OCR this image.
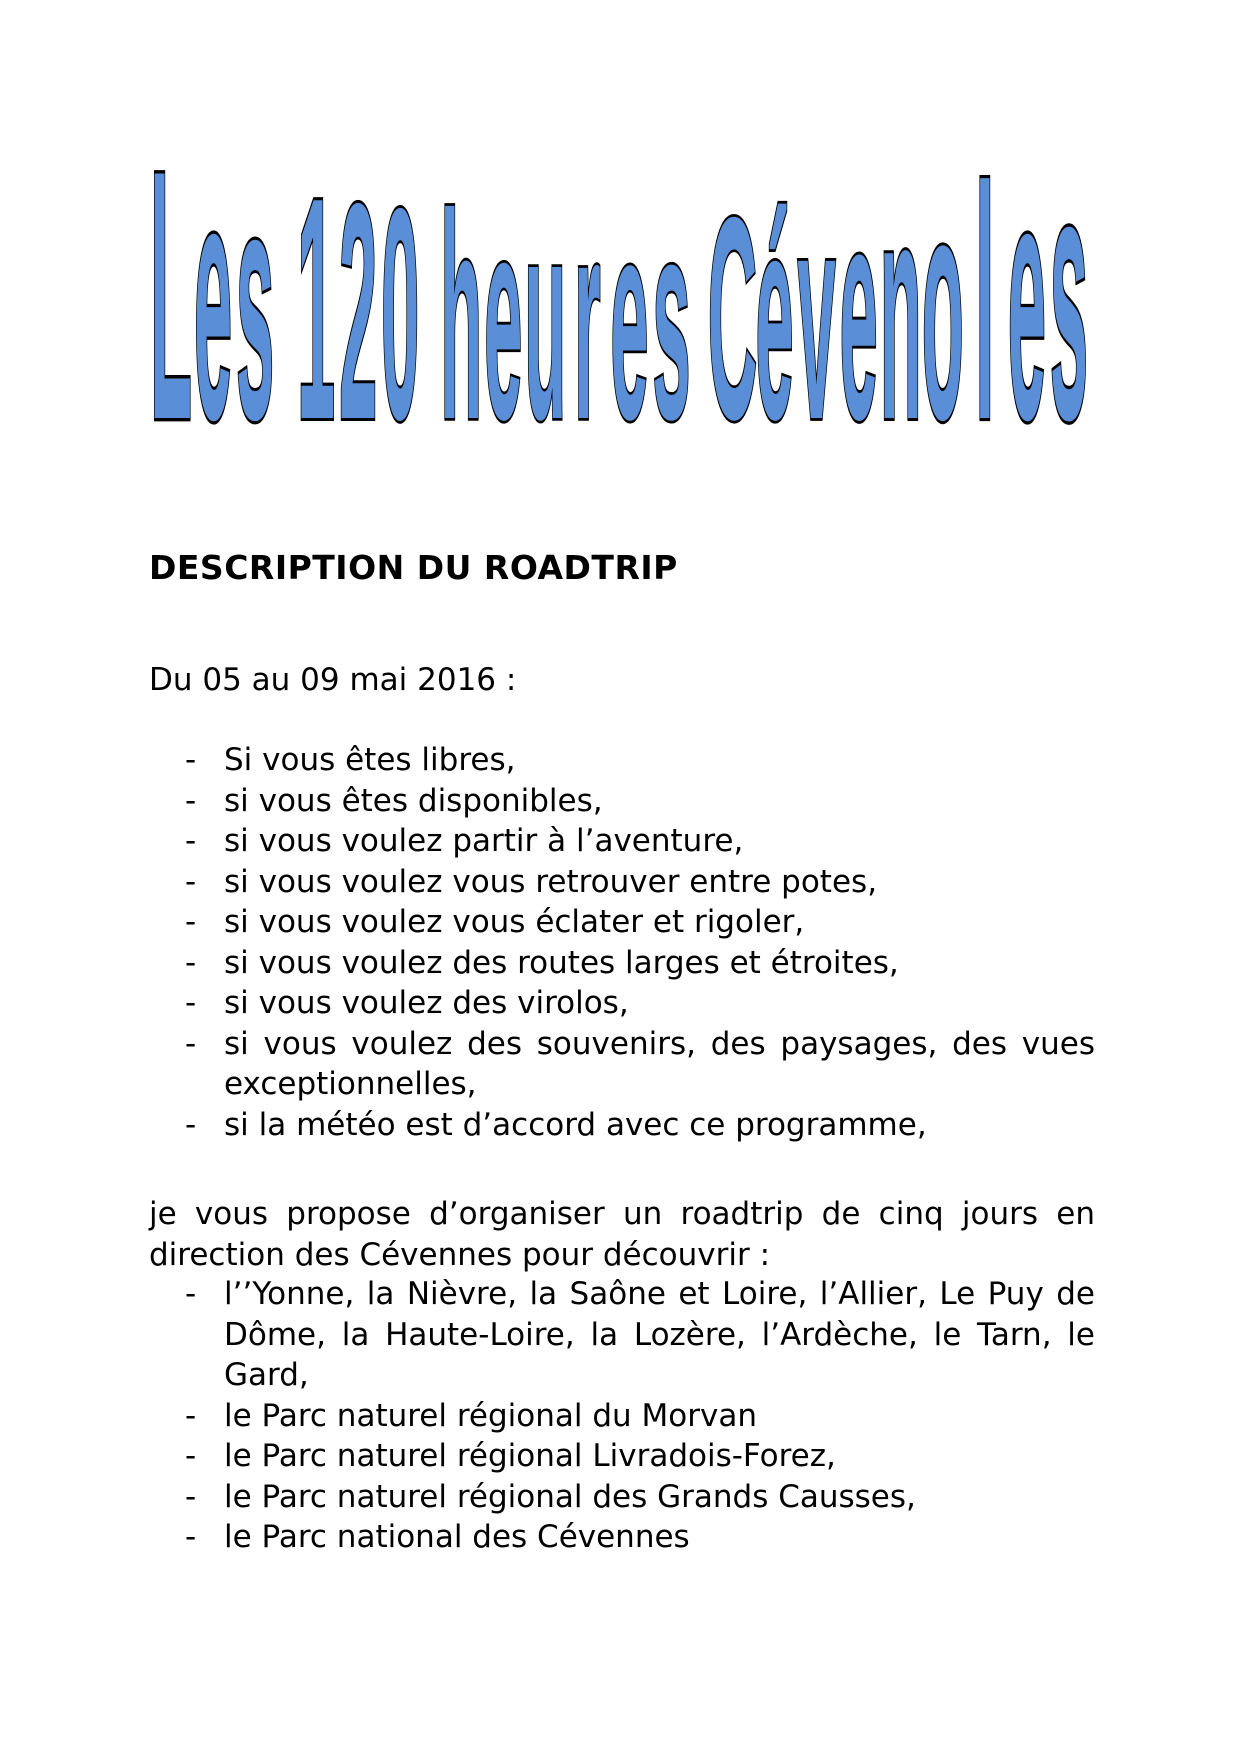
L e s 1 2 0 h e u r e s C
é v e n o l e s
DESCRIPTION DU ROADTRIP

Du 05 au 09 mai 2016 :

- Si vous êtes libres,
- si vous êtes disponibles,
- si vous voulez partir à l’aventure,
- si vous voulez vous retrouver entre potes,
- si vous voulez vous éclater et rigoler,
- si vous voulez des routes larges et étroites,
- si vous voulez des virolos,
- si vous voulez des souvenirs, des paysages, des vues exceptionnelles,
- si la météo est d’accord avec ce programme,

je vous propose d’organiser un roadtrip de cinq jours en direction des Cévennes pour découvrir :

- l’’Yonne, la Nièvre, la Saône et Loire, l’Allier, Le Puy de Dôme, la Haute-Loire, la Lozère, l’Ardèche, le Tarn, le Gard,
- le Parc naturel régional du Morvan
- le Parc naturel régional Livradois-Forez,
- le Parc naturel régional des Grands Causses,
- le Parc national des Cévennes
